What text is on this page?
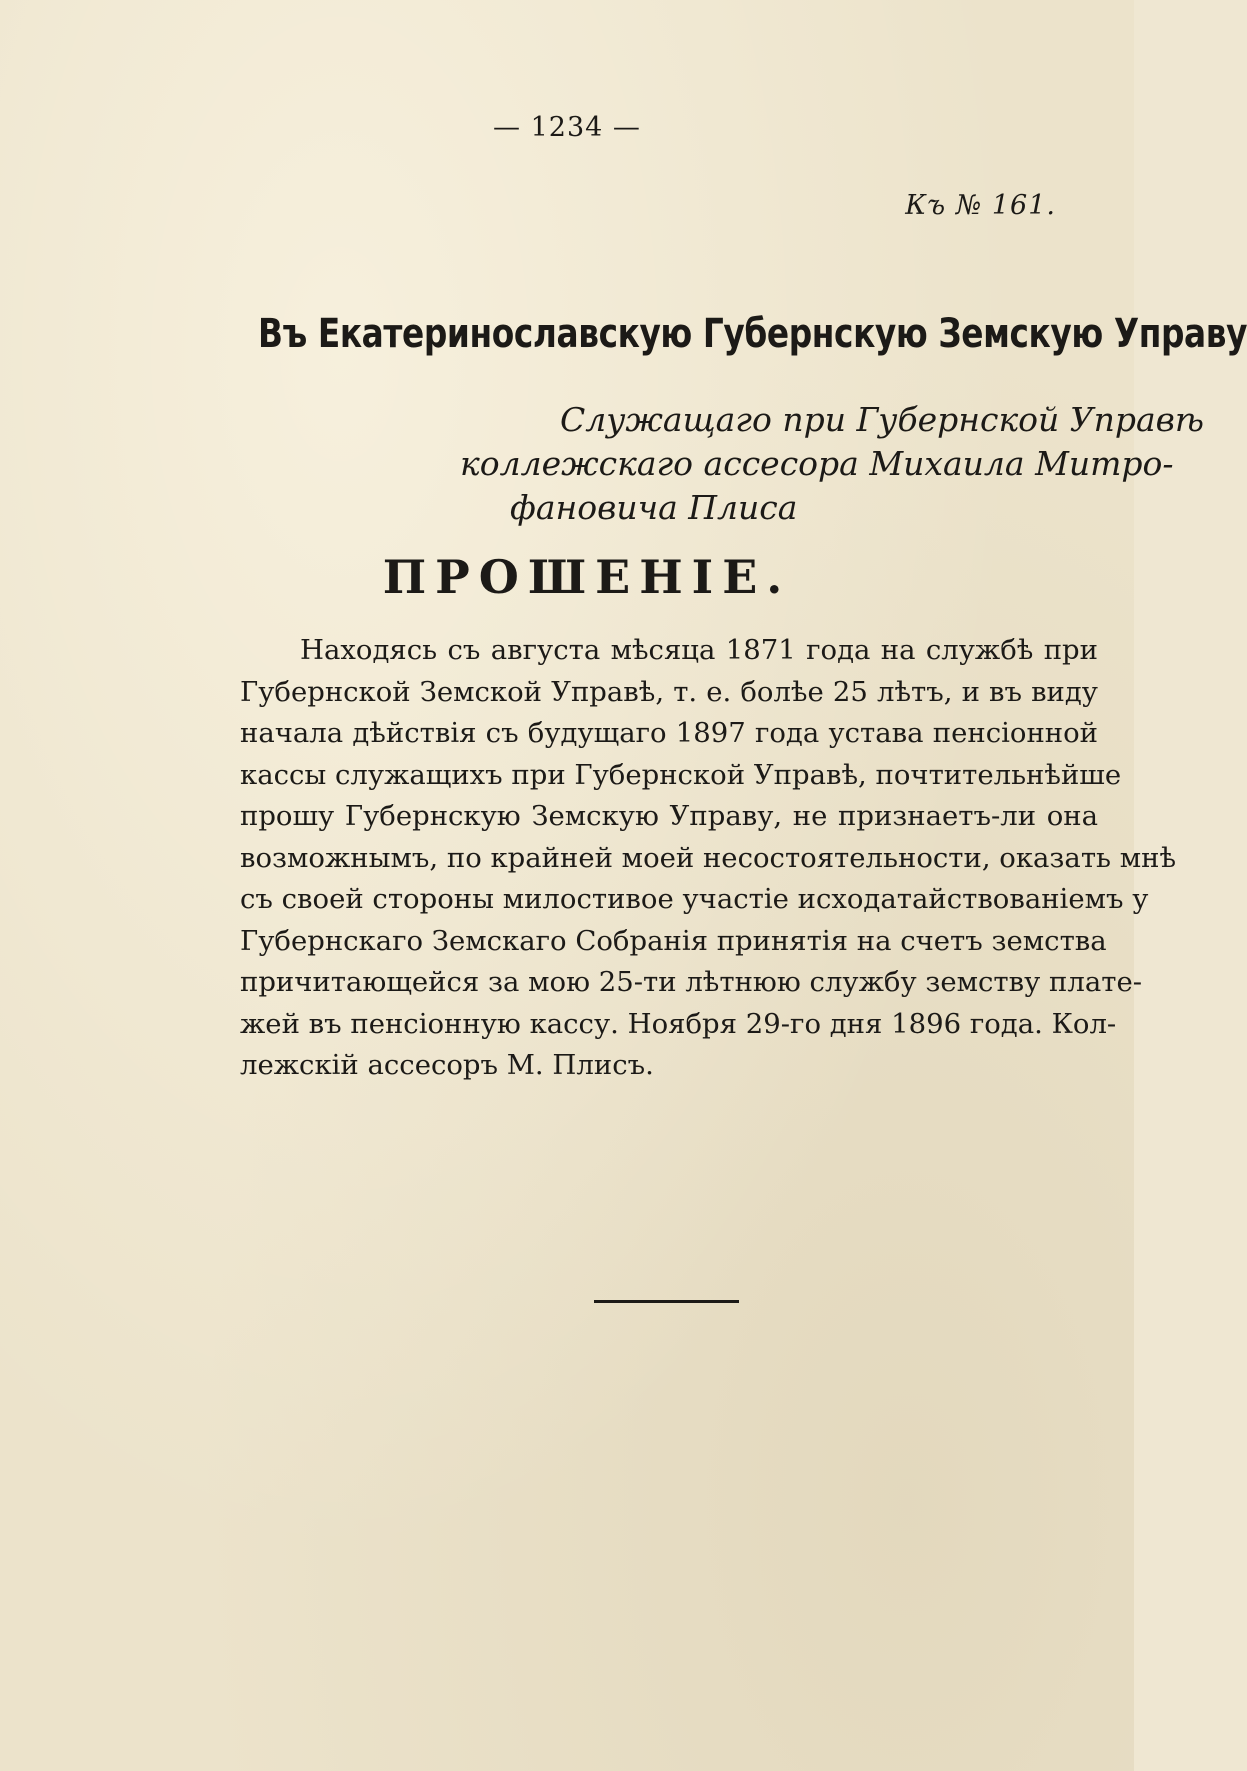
— 1234 —
Къ № 161.
Въ Екатеринославскую Губернскую Земскую Управу
Служащаго при Губернской Управѣ
коллежскаго ассесора Михаила Митро-
фановича Плиса
ПРОШЕНІЕ.
Находясь съ августа мѣсяца 1871 года на службѣ при
Губернской Земской Управѣ, т. е. болѣе 25 лѣтъ, и въ виду
начала дѣйствія съ будущаго 1897 года устава пенсіонной
кассы служащихъ при Губернской Управѣ, почтительнѣйше
прошу Губернскую Земскую Управу, не признаетъ-ли она
возможнымъ, по крайней моей несостоятельности, оказать мнѣ
съ своей стороны милостивое участіе исходатайствованіемъ у
Губернскаго Земскаго Собранія принятія на счетъ земства
причитающейся за мою 25-ти лѣтнюю службу земству плате-
жей въ пенсіонную кассу. Ноября 29-го дня 1896 года. Кол-
лежскій ассесоръ М. Плисъ.
